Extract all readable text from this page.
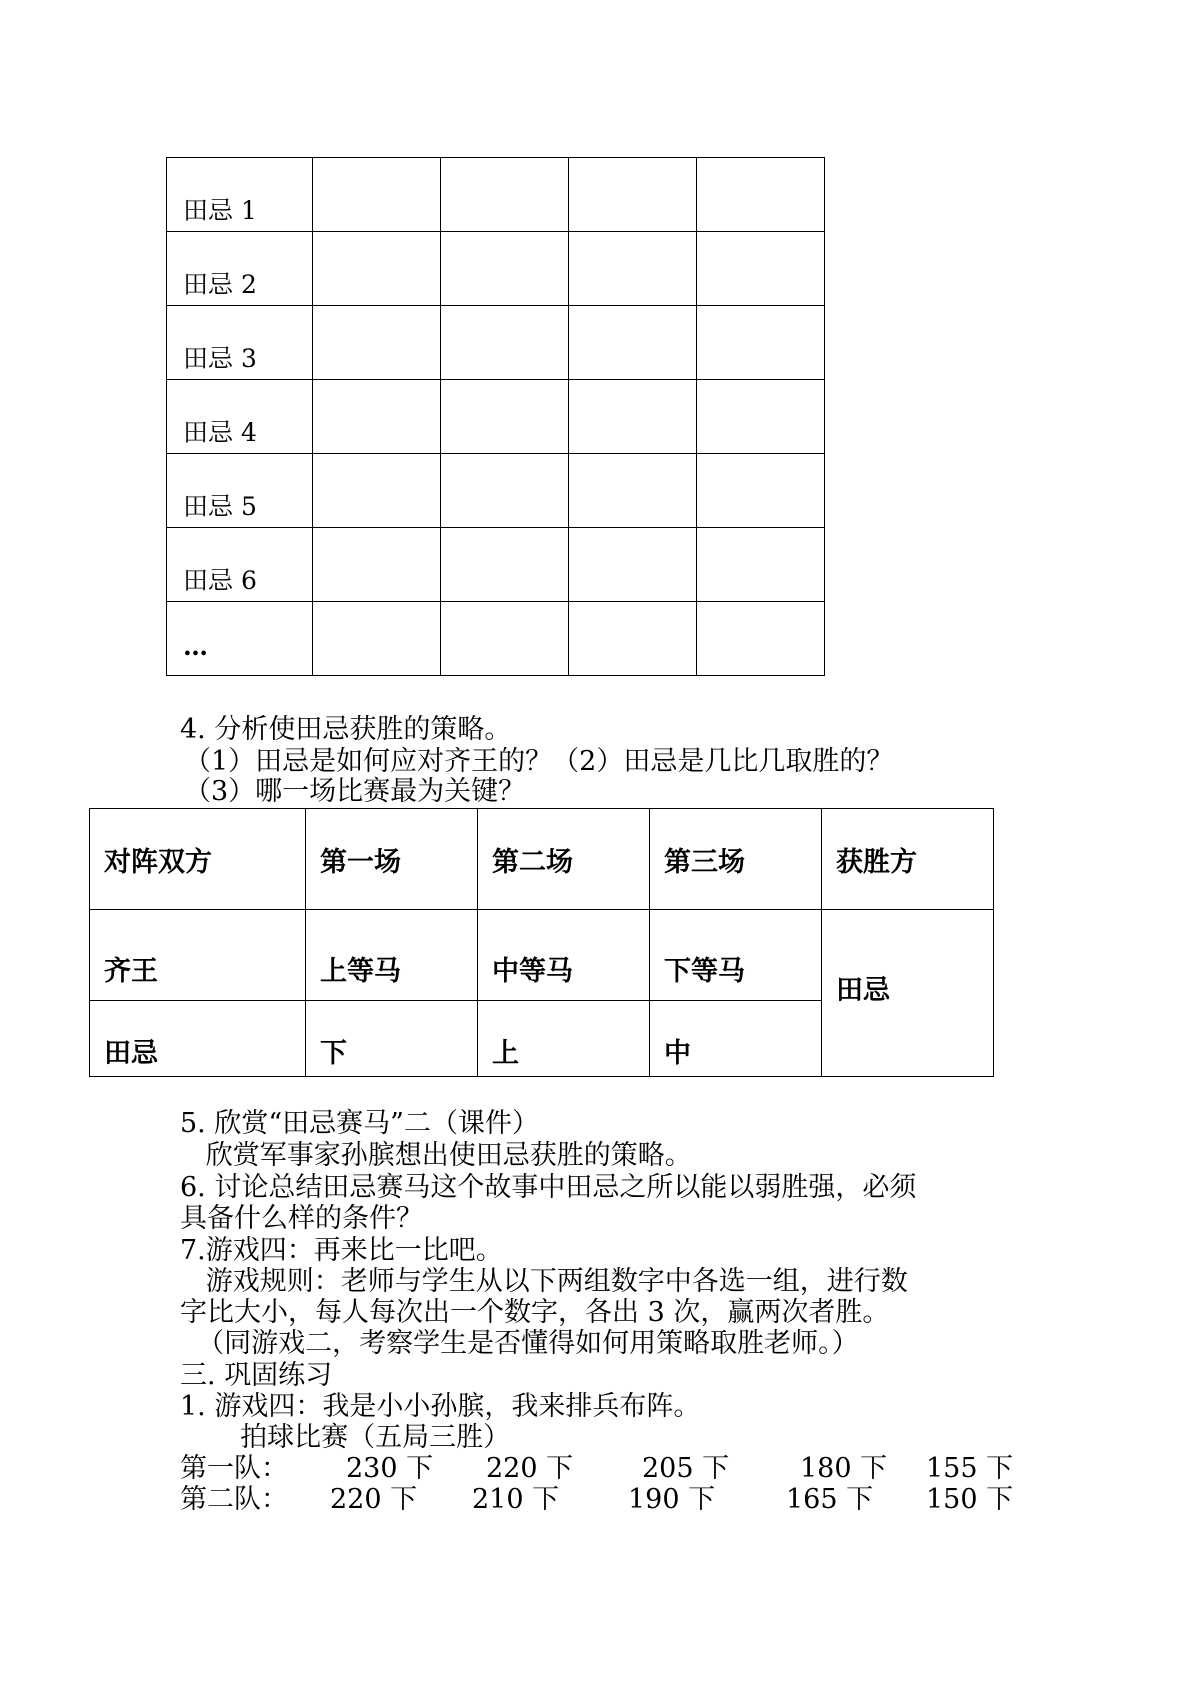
田忌 1				
田忌 2				
田忌 3				
田忌 4				
田忌 5				
田忌 6				
…				
4. 分析使田忌获胜的策略。
（1）田忌是如何应对齐王的？（2）田忌是几比几取胜的？
（3）哪一场比赛最为关键？
对阵双方	第一场	第二场	第三场	获胜方
齐王	上等马	中等马	下等马	田忌
田忌	下	上	中	
5. 欣赏“田忌赛马”二（课件）
欣赏军事家孙膑想出使田忌获胜的策略。
6. 讨论总结田忌赛马这个故事中田忌之所以能以弱胜强，必须
具备什么样的条件？
7.游戏四：再来比一比吧。
游戏规则：老师与学生从以下两组数字中各选一组，进行数
字比大小，每人每次出一个数字，各出 3 次，赢两次者胜。
（同游戏二，考察学生是否懂得如何用策略取胜老师。）
三. 巩固练习
1. 游戏四：我是小小孙膑，我来排兵布阵。
拍球比赛（五局三胜）
第一队： 230 下 220 下	205 下	180 下 155 下
第二队： 220 下 210 下	190 下	165 下 150 下
